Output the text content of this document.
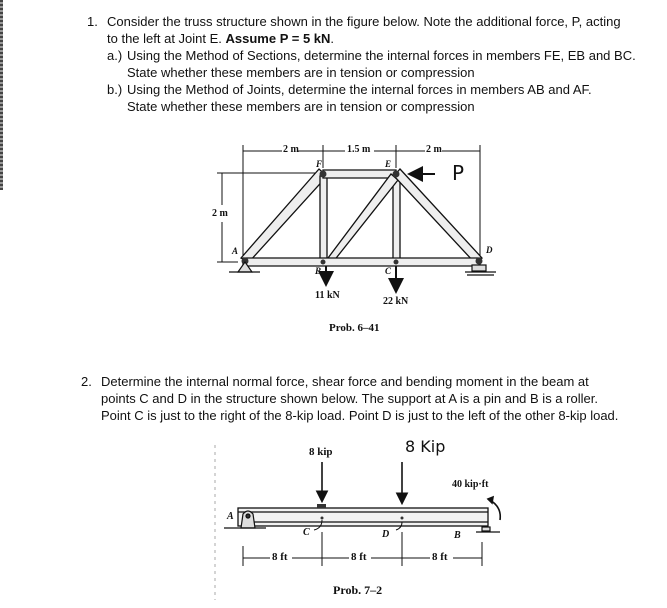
1. Consider the truss structure shown in the figure below. Note the additional force, P, acting
to the left at Joint E. Assume P = 5 kN.
a.) Using the Method of Sections, determine the internal forces in members FE, EB and BC.
State whether these members are in tension or compression
b.) Using the Method of Joints, determine the internal forces in members AB and AF.
State whether these members are in tension or compression
2 m	1.5 m	2 m
2 m
F	E
A	D
B	C
11 kN
22 kN
Prob. 6–41
P
2. Determine the internal normal force, shear force and bending moment in the beam at
points C and D in the structure shown below. The support at A is a pin and B is a roller.
Point C is just to the right of the 8-kip load. Point D is just to the left of the other 8-kip load.
8 kip
40 kip·ft
A
C	D	B
8 ft	8 ft	8 ft
Prob. 7–2
8 Kip
